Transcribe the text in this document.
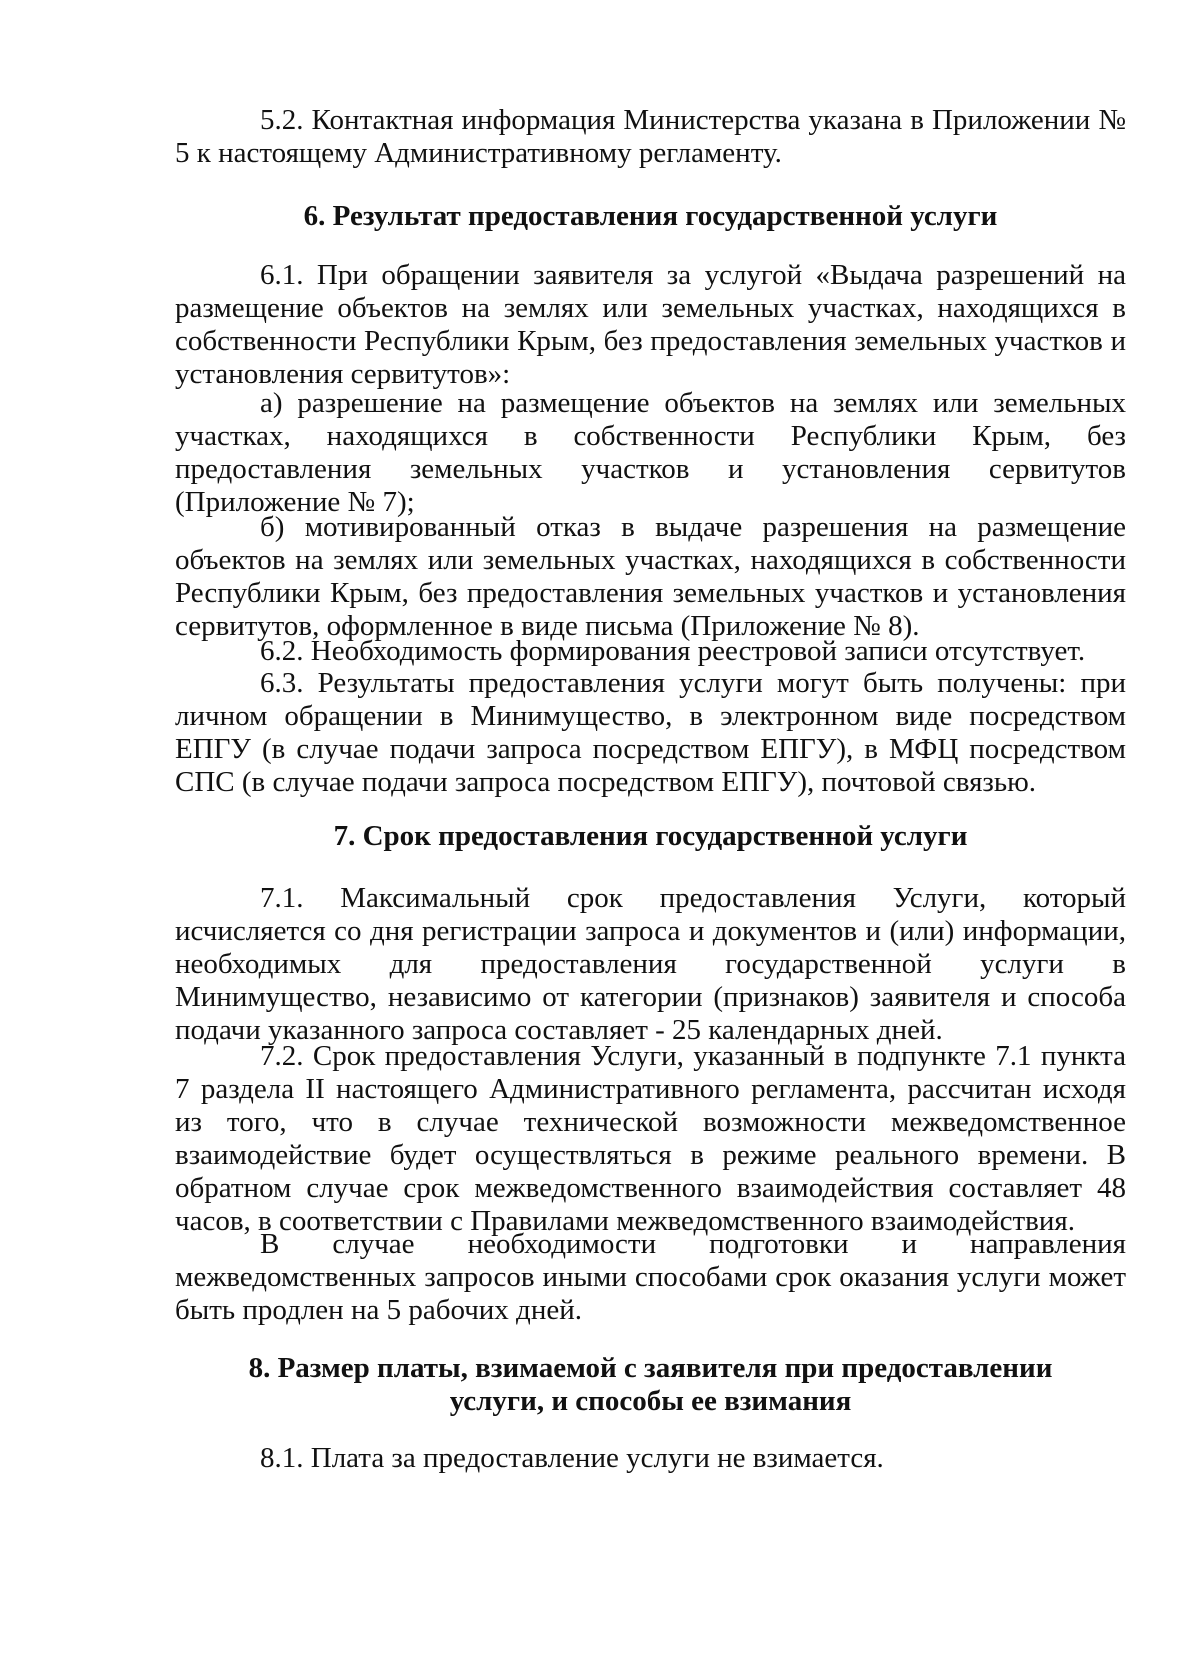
5.2. Контактная информация Министерства указана в Приложении № 5 к настоящему Административному регламенту.

6. Результат предоставления государственной услуги

6.1. При обращении заявителя за услугой «Выдача разрешений на размещение объектов на землях или земельных участках, находящихся в собственности Республики Крым, без предоставления земельных участков и установления сервитутов»:

а) разрешение на размещение объектов на землях или земельных участках, находящихся в собственности Республики Крым, без предоставления земельных участков и установления сервитутов (Приложение № 7);

б) мотивированный отказ в выдаче разрешения на размещение объектов на землях или земельных участках, находящихся в собственности Республики Крым, без предоставления земельных участков и установления сервитутов, оформленное в виде письма (Приложение № 8).

6.2. Необходимость формирования реестровой записи отсутствует.

6.3. Результаты предоставления услуги могут быть получены: при личном обращении в Минимущество, в электронном виде посредством ЕПГУ (в случае подачи запроса посредством ЕПГУ), в МФЦ посредством СПС (в случае подачи запроса посредством ЕПГУ), почтовой связью.

7. Срок предоставления государственной услуги

7.1. Максимальный срок предоставления Услуги, который исчисляется со дня регистрации запроса и документов и (или) информации, необходимых для предоставления государственной услуги в Минимущество, независимо от категории (признаков) заявителя и способа подачи указанного запроса составляет - 25 календарных дней.

7.2. Срок предоставления Услуги, указанный в подпункте 7.1 пункта 7 раздела II настоящего Административного регламента, рассчитан исходя из того, что в случае технической возможности межведомственное взаимодействие будет осуществляться в режиме реального времени. В обратном случае срок межведомственного взаимодействия составляет 48 часов, в соответствии с Правилами межведомственного взаимодействия.

В случае необходимости подготовки и направления

межведомственных запросов иными способами срок оказания услуги может быть продлен на 5 рабочих дней.

8. Размер платы, взимаемой с заявителя при предоставлении

услуги, и способы ее взимания

8.1. Плата за предоставление услуги не взимается.
